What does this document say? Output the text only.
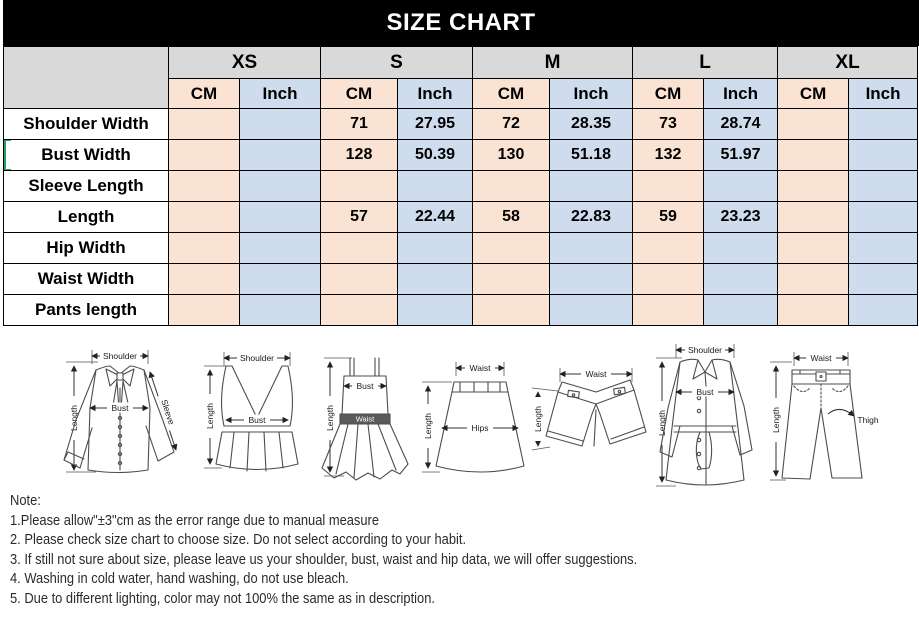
SIZE CHART
	XS		S		M		L		XL	
	CM	Inch	CM	Inch	CM	Inch	CM	Inch	CM	Inch
Shoulder Width			71	27.95	72	28.35	73	28.74		

Bust Width			128	50.39	130	51.18	132	51.97		
Sleeve Length										
Length			57	22.44	58	22.83	59	23.23		
Hip Width										
Waist Width										
Pants length										
Shoulder
Length	Bust	Sleeve
Shoulder
Length	Bust	Length
Bust
Waist
Waist
Length	Hips
Waist
Length
Shoulder
Length
Bust
Waist
Length	Thigh
Note:
1.Please allow"±3"cm as the error range due to manual measure
2. Please check size chart to choose size. Do not select according to your habit.
3. If still not sure about size, please leave us your shoulder, bust, waist and hip data, we will offer suggestions.
4. Washing in cold water, hand washing, do not use bleach.
5. Due to different lighting, color may not 100% the same as in description.
